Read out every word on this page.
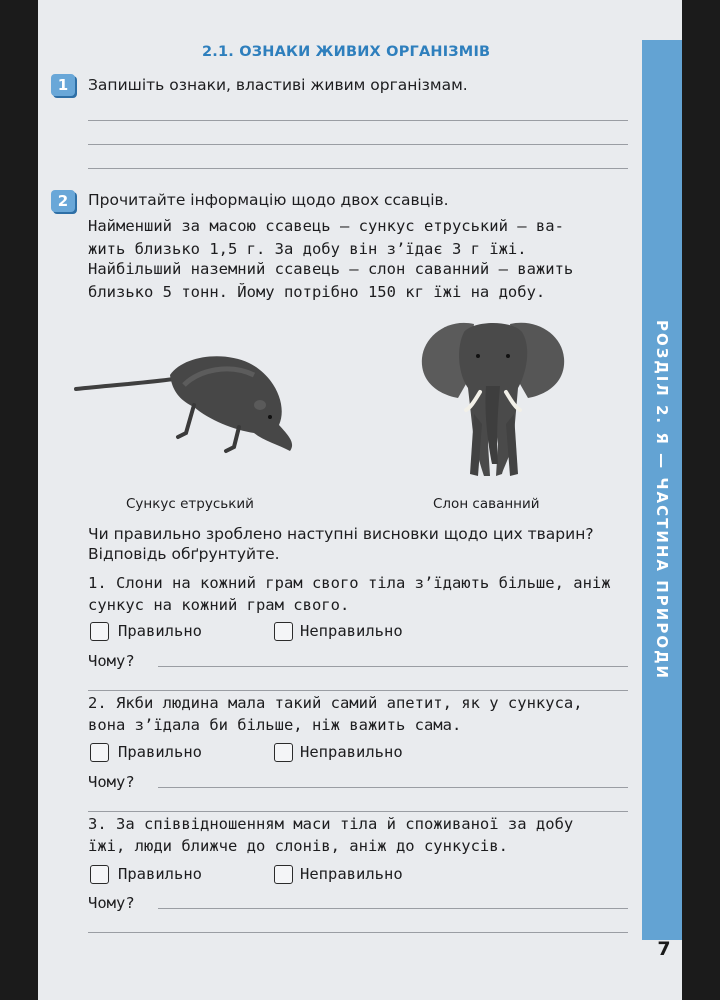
РОЗДІЛ 2. Я — ЧАСТИНА ПРИРОДИ
7
2.1. ОЗНАКИ ЖИВИХ ОРГАНІЗМІВ
1	Запишіть ознаки, властиві живим організмам.
2	Прочитайте інформацію щодо двох ссавців.
Найменший за масою ссавець — сункус етруський — ва-
жить близько 1,5 г. За добу він з’їдає 3 г їжі.
Найбільший наземний ссавець — слон саванний — важить
близько 5 тонн. Йому потрібно 150 кг їжі на добу.
Сункус етруський	Слон саванний
Чи правильно зроблено наступні висновки щодо цих тварин?
Відповідь обґрунтуйте.
1. Слони на кожний грам свого тіла з’їдають більше, аніж
сункус на кожний грам свого.
Правильно	Неправильно
Чому?
2. Якби людина мала такий самий апетит, як у сункуса,
вона з’їдала би більше, ніж важить сама.
Правильно	Неправильно
Чому?
3. За співвідношенням маси тіла й споживаної за добу
їжі, люди ближче до слонів, аніж до сункусів.
Правильно	Неправильно
Чому?
